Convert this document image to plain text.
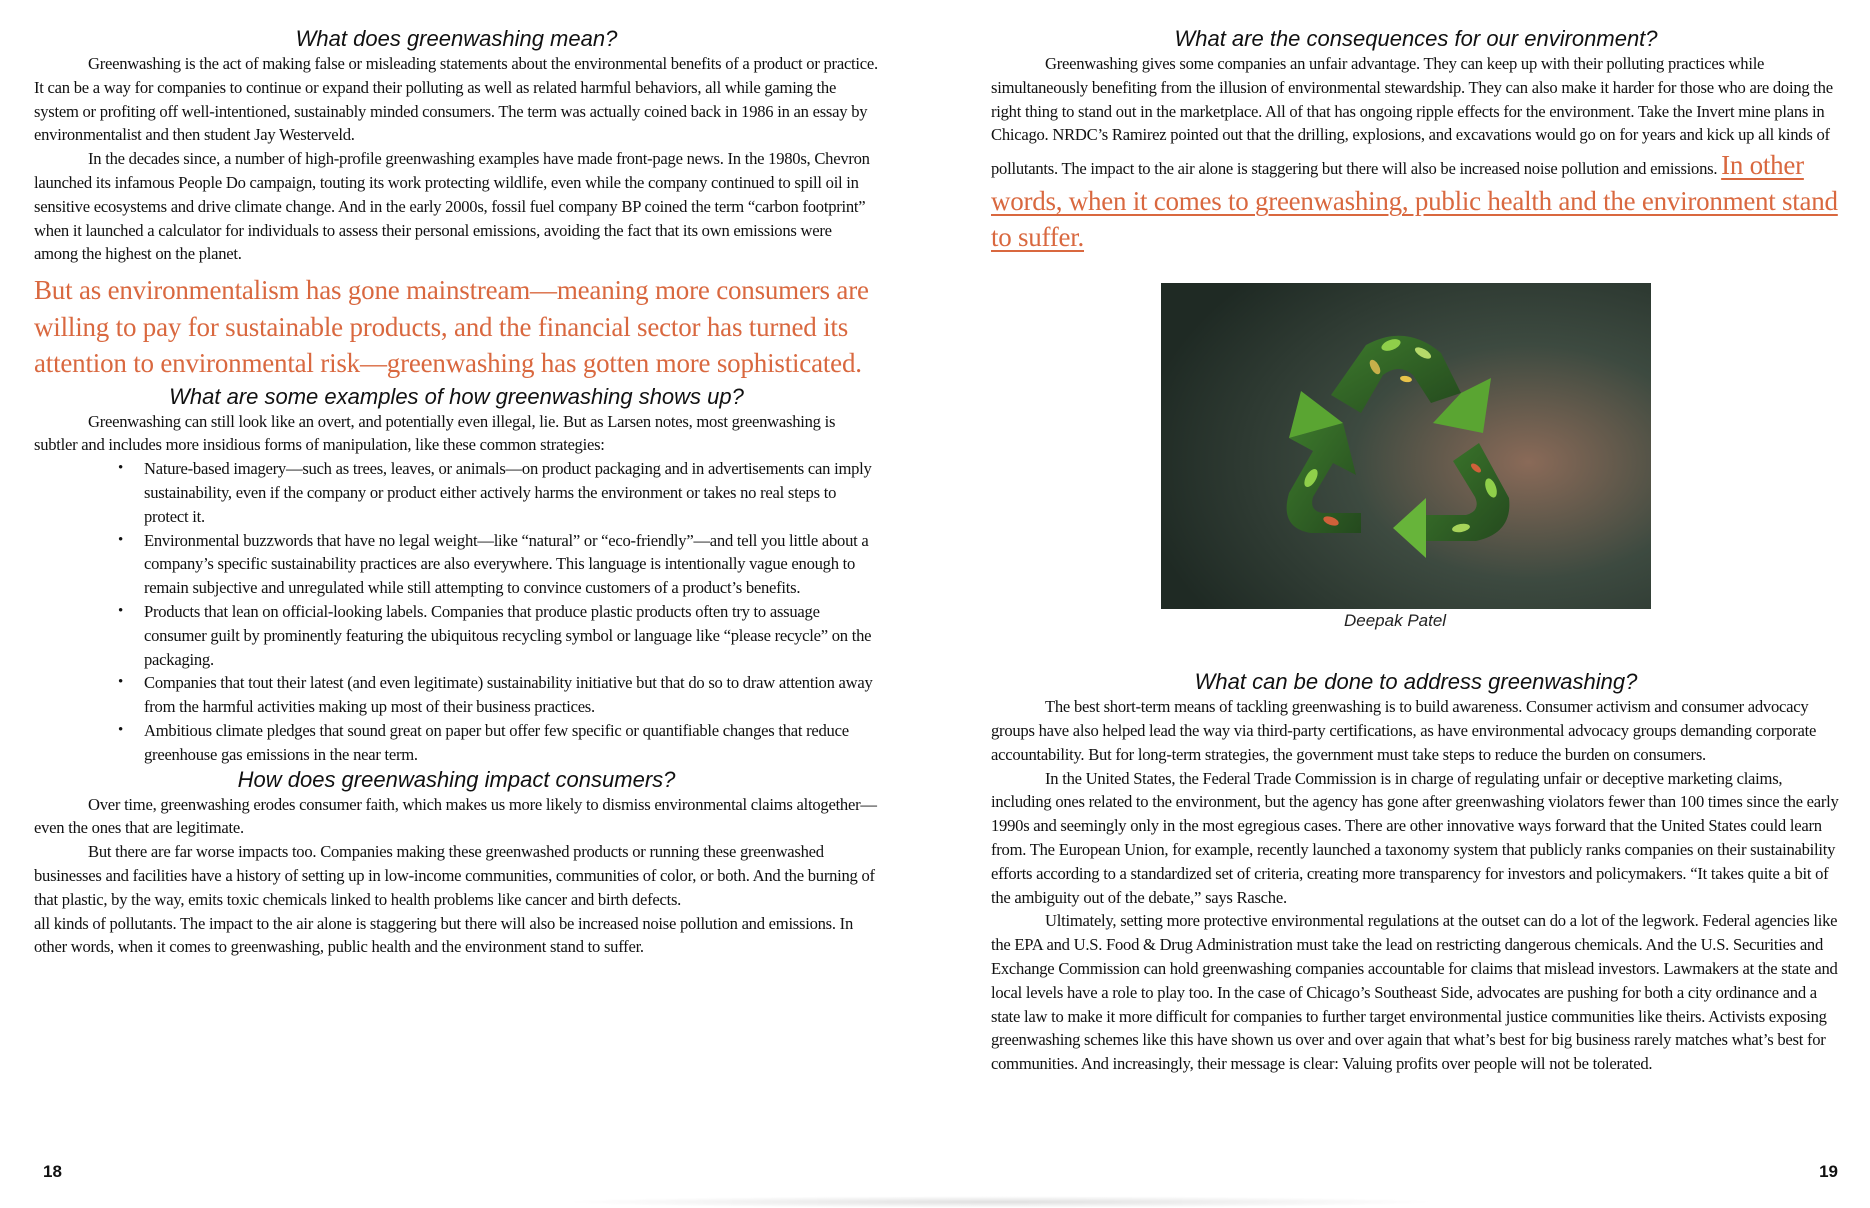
What does greenwashing mean?

Greenwashing is the act of making false or misleading statements about the environmental benefits of a product or practice. It can be a way for companies to continue or expand their polluting as well as related harmful behaviors, all while gaming the system or profiting off well-intentioned, sustainably minded consumers. The term was actually coined back in 1986 in an essay by environmentalist and then student Jay Westerveld.

In the decades since, a number of high-profile greenwashing examples have made front-page news. In the 1980s, Chevron launched its infamous People Do campaign, touting its work protecting wildlife, even while the company continued to spill oil in sensitive ecosystems and drive climate change. And in the early 2000s, fossil fuel company BP coined the term “carbon footprint” when it launched a calculator for individuals to assess their personal emissions, avoiding the fact that its own emissions were among the highest on the planet.

But as environmentalism has gone mainstream—meaning more consumers are willing to pay for sustainable products, and the financial sector has turned its attention to environmental risk—greenwashing has gotten more sophisticated.
What are some examples of how greenwashing shows up?

Greenwashing can still look like an overt, and potentially even illegal, lie. But as Larsen notes, most greenwashing is subtler and includes more insidious forms of manipulation, like these common strategies:

• Nature-based imagery—such as trees, leaves, or animals—on product packaging and in advertisements can imply sustainability, even if the company or product either actively harms the environment or takes no real steps to protect it.
• Environmental buzzwords that have no legal weight—like “natural” or “eco-friendly”—and tell you little about a company’s specific sustainability practices are also everywhere. This language is intentionally vague enough to remain subjective and unregulated while still attempting to convince customers of a product’s benefits.
• Products that lean on official-looking labels. Companies that produce plastic products often try to assuage consumer guilt by prominently featuring the ubiquitous recycling symbol or language like “please recycle” on the packaging.
• Companies that tout their latest (and even legitimate) sustainability initiative but that do so to draw attention away from the harmful activities making up most of their business practices.
• Ambitious climate pledges that sound great on paper but offer few specific or quantifiable changes that reduce greenhouse gas emissions in the near term.
How does greenwashing impact consumers?

Over time, greenwashing erodes consumer faith, which makes us more likely to dismiss environmental claims altogether—even the ones that are legitimate.

But there are far worse impacts too. Companies making these greenwashed products or running these greenwashed businesses and facilities have a history of setting up in low-income communities, communities of color, or both. And the burning of that plastic, by the way, emits toxic chemicals linked to health problems like cancer and birth defects.

all kinds of pollutants. The impact to the air alone is staggering but there will also be increased noise pollution and emissions. In other words, when it comes to greenwashing, public health and the environment stand to suffer.

18
What are the consequences for our environment?

Greenwashing gives some companies an unfair advantage. They can keep up with their polluting practices while simultaneously benefiting from the illusion of environmental stewardship. They can also make it harder for those who are doing the right thing to stand out in the marketplace. All of that has ongoing ripple effects for the environment. Take the Invert mine plans in Chicago. NRDC’s Ramirez pointed out that the drilling, explosions, and excavations would go on for years and kick up all kinds of pollutants. The impact to the air alone is staggering but there will also be increased noise pollution and emissions. In other words, when it comes to greenwashing, public health and the environment stand to suffer.

Deepak Patel
What can be done to address greenwashing?

The best short-term means of tackling greenwashing is to build awareness. Consumer activism and consumer advocacy groups have also helped lead the way via third-party certifications, as have environmental advocacy groups demanding corporate accountability. But for long-term strategies, the government must take steps to reduce the burden on consumers.

In the United States, the Federal Trade Commission is in charge of regulating unfair or deceptive marketing claims, including ones related to the environment, but the agency has gone after greenwashing violators fewer than 100 times since the early 1990s and seemingly only in the most egregious cases. There are other innovative ways forward that the United States could learn from. The European Union, for example, recently launched a taxonomy system that publicly ranks companies on their sustainability efforts according to a standardized set of criteria, creating more transparency for investors and policymakers. “It takes quite a bit of the ambiguity out of the debate,” says Rasche.

Ultimately, setting more protective environmental regulations at the outset can do a lot of the legwork. Federal agencies like the EPA and U.S. Food & Drug Administration must take the lead on restricting dangerous chemicals. And the U.S. Securities and Exchange Commission can hold greenwashing companies accountable for claims that mislead investors. Lawmakers at the state and local levels have a role to play too. In the case of Chicago’s Southeast Side, advocates are pushing for both a city ordinance and a state law to make it more difficult for companies to further target environmental justice communities like theirs. Activists exposing greenwashing schemes like this have shown us over and over again that what’s best for big business rarely matches what’s best for communities. And increasingly, their message is clear: Valuing profits over people will not be tolerated.

19
